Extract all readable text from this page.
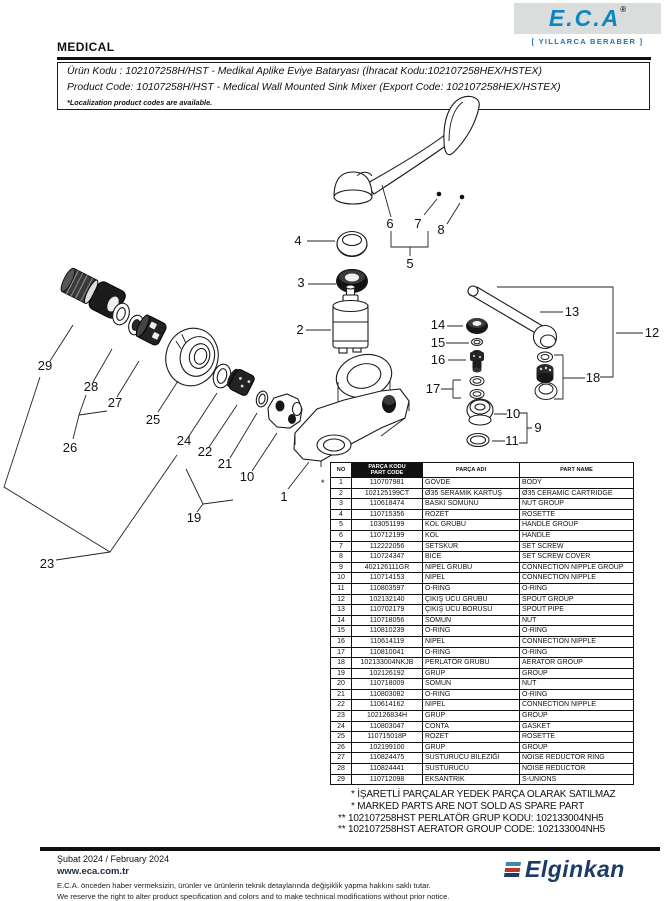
E.C.A®
[ YILLARCA BERABER ]
MEDICAL
Ürün Kodu : 102107258H/HST - Medikal Aplike Eviye Bataryası (İhracat Kodu:102107258HEX/HSTEX)
Product Code: 10107258H/HST - Medical Wall Mounted Sink Mixer (Export Code: 102107258HEX/HSTEX)
*Localization product codes are available.
1
2
3
4
5
6 7 8
9
10
11
12
13
14
15
16
17
18
19
10
21
22
23
24
25
26
27
28
29
*
NO	PARÇA KODU
PART CODE	PARÇA ADI	PART NAME
1	110707981	GÖVDE	BODY
2	102125199CT	Ø35 SERAMİK KARTUŞ	Ø35 CERAMIC CARTRIDGE
3	110618474	BASKI SOMUNU	NUT GROUP
4	110715356	ROZET	ROSETTE
5	103051199	KOL GRUBU	HANDLE GROUP
6	110712199	KOL	HANDLE
7	112222056	SETSKUR	SET SCREW
8	110724347	BİCE	SET SCREW COVER
9	402126111GR	NİPEL GRUBU	CONNECTION NIPPLE GROUP
10	110714153	NİPEL	CONNECTION NIPPLE
11	110803597	O-RING	O-RING
12	102132140	ÇIKIŞ UCU GRUBU	SPOUT GROUP
13	110702179	ÇIKIŞ UCU BORUSU	SPOUT PIPE
14	110718056	SOMUN	NUT
15	110810239	O-RING	O-RING
16	110614119	NİPEL	CONNECTION NIPPLE
17	110810041	O-RING	O-RING
18	102133004NKJB	PERLATÖR GRUBU	AERATOR GROUP
19	102126192	GRUP	GROUP
20	110718009	SOMUN	NUT
21	110803082	O-RING	O-RING
22	110614162	NİPEL	CONNECTION NIPPLE
23	102126834H	GRUP	GROUP
24	110803047	CONTA	GASKET
25	110715018P	ROZET	ROSETTE
26	102199100	GRUP	GROUP
27	110824475	SUSTURUCU BİLEZİĞİ	NOISE REDUCTOR RING
28	110824441	SUSTURUCU	NOISE REDUCTOR
29	110712098	EKSANTRİK	S-UNIONS
* İŞARETLİ PARÇALAR YEDEK PARÇA OLARAK SATILMAZ
* MARKED PARTS ARE NOT SOLD AS SPARE PART
** 102107258HST PERLATÖR GRUP KODU: 102133004NH5
** 102107258HST AERATOR GROUP CODE: 102133004NH5
Şubat 2024 / February 2024
www.eca.com.tr
E.C.A. önceden haber vermeksizin, ürünler ve ürünlerin teknik detaylarında değişiklik yapma hakkını saklı tutar.
We reserve the right to alter product specification and colors and to make technical modifications without prior notice.
Elginkan
